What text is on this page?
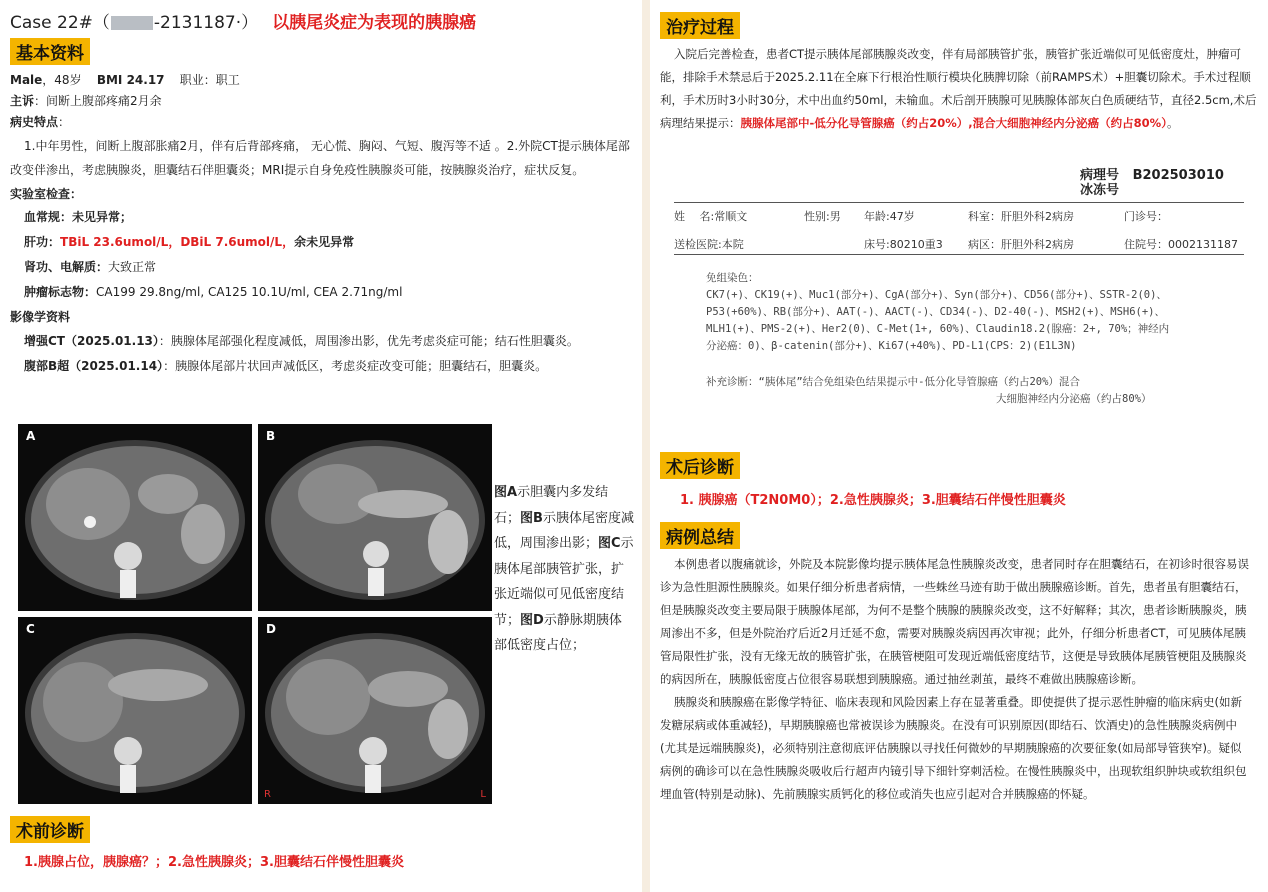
Case 22#（	-2131187·） 以胰尾炎症为表现的胰腺癌
基本资料
Male，48岁 BMI 24.17 职业：职工
主诉：间断上腹部疼痛2月余
病史特点：

1.中年男性，间断上腹部胀痛2月，伴有后背部疼痛， 无心慌、胸闷、气短、腹泻等不适 。2.外院CT提示胰体尾部改变伴渗出，考虑胰腺炎，胆囊结石伴胆囊炎；MRI提示自身免疫性胰腺炎可能，按胰腺炎治疗，症状反复。

实验室检查：
血常规：未见异常；
肝功：TBiL 23.6umol/L，DBiL 7.6umol/L，余未见异常
肾功、电解质：大致正常
肿瘤标志物：CA199 29.8ng/ml, CA125 10.1U/ml, CEA 2.71ng/ml
影像学资料
增强CT（2025.01.13）：胰腺体尾部强化程度减低，周围渗出影，优先考虑炎症可能；结石性胆囊炎。
腹部B超（2025.01.14）：胰腺体尾部片状回声减低区，考虑炎症改变可能；胆囊结石，胆囊炎。
A	B
C	D
R	L
图A示胆囊内多发结石；图B示胰体尾密度减低，周围渗出影；图C示胰体尾部胰管扩张，扩张近端似可见低密度结节；图D示静脉期胰体部低密度占位；
术前诊断
1.胰腺占位，胰腺癌？；2.急性胰腺炎；3.胆囊结石伴慢性胆囊炎
治疗过程

入院后完善检查，患者CT提示胰体尾部胰腺炎改变，伴有局部胰管扩张，胰管扩张近端似可见低密度灶，肿瘤可能，排除手术禁忌后于2025.2.11在全麻下行根治性顺行模块化胰脾切除（前RAMPS术）+胆囊切除术。手术过程顺利，手术历时3小时30分，术中出血约50ml，未输血。术后剖开胰腺可见胰腺体部灰白色质硬结节，直径2.5cm,术后病理结果提示：胰腺体尾部中-低分化导管腺癌（约占20%）,混合大细胞神经内分泌癌（约占80%）。

病理号 B202503010
冰冻号
姓　 名:常顺文	性别:男	年龄:47岁	科室：肝胆外科2病房	门诊号：
送检医院:本院	床号:80210重3	病区：肝胆外科2病房	住院号：0002131187
免组染色：
CK7(+)、CK19(+)、Muc1(部分+)、CgA(部分+)、Syn(部分+)、CD56(部分+)、SSTR-2(0)、
P53(+60%)、RB(部分+)、AAT(-)、AACT(-)、CD34(-)、D2-40(-)、MSH2(+)、MSH6(+)、
MLH1(+)、PMS-2(+)、Her2(0)、C-Met(1+, 60%)、Claudin18.2(腺癌：2+, 70%；神经内
分泌癌：0)、β-catenin(部分+)、Ki67(+40%)、PD-L1(CPS：2)(E1L3N)
补充诊断：“胰体尾”结合免组染色结果提示中-低分化导管腺癌（约占20%）混合
大细胞神经内分泌癌（约占80%）
术后诊断
1. 胰腺癌（T2N0M0）；2.急性胰腺炎；3.胆囊结石伴慢性胆囊炎
病例总结

本例患者以腹痛就诊，外院及本院影像均提示胰体尾急性胰腺炎改变，患者同时存在胆囊结石，在初诊时很容易误诊为急性胆源性胰腺炎。如果仔细分析患者病情，一些蛛丝马迹有助于做出胰腺癌诊断。首先，患者虽有胆囊结石，但是胰腺炎改变主要局限于胰腺体尾部，为何不是整个胰腺的胰腺炎改变，这不好解释；其次，患者诊断胰腺炎，胰周渗出不多，但是外院治疗后近2月迁延不愈，需要对胰腺炎病因再次审视；此外，仔细分析患者CT，可见胰体尾胰管局限性扩张，没有无缘无故的胰管扩张，在胰管梗阻可发现近端低密度结节，这便是导致胰体尾胰管梗阻及胰腺炎的病因所在，胰腺低密度占位很容易联想到胰腺癌。通过抽丝剥茧，最终不难做出胰腺癌诊断。

胰腺炎和胰腺癌在影像学特征、临床表现和风险因素上存在显著重叠。即使提供了提示恶性肿瘤的临床病史(如新发糖尿病或体重减轻)，早期胰腺癌也常被误诊为胰腺炎。在没有可识别原因(即结石、饮酒史)的急性胰腺炎病例中(尤其是远端胰腺炎)，必须特别注意彻底评估胰腺以寻找任何微妙的早期胰腺癌的次要征象(如局部导管狭窄)。疑似病例的确诊可以在急性胰腺炎吸收后行超声内镜引导下细针穿刺活检。在慢性胰腺炎中，出现软组织肿块或软组织包埋血管(特别是动脉)、先前胰腺实质钙化的移位或消失也应引起对合并胰腺癌的怀疑。
